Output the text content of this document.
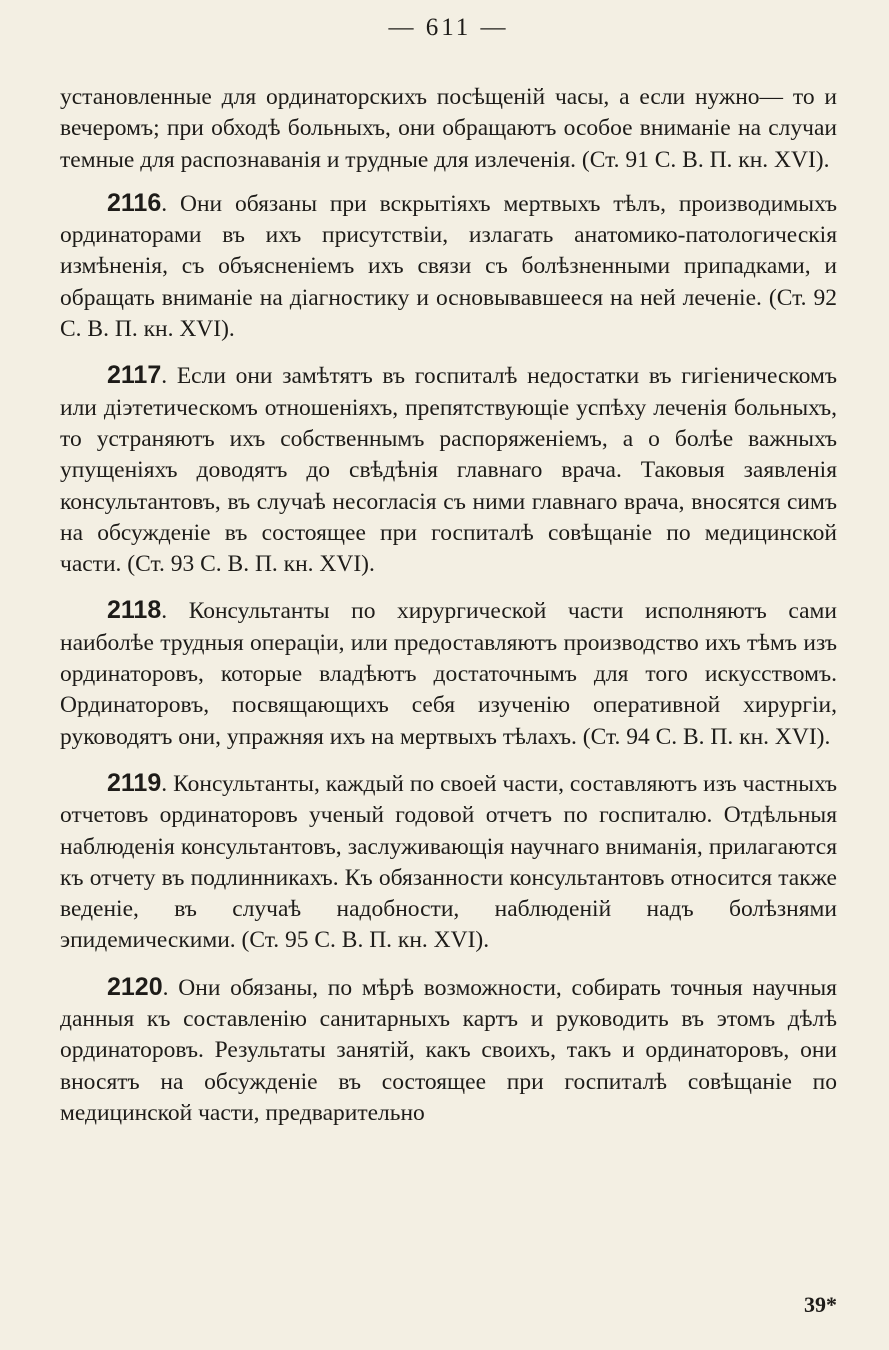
— 611 —

установленные для ординаторскихъ посѣщеній часы, а если нужно— то и вечеромъ; при обходѣ больныхъ, они обращаютъ особое вниманіе на случаи темные для распознаванія и трудные для излеченія. (Ст. 91 С. В. П. кн. XVI).

2116. Они обязаны при вскрытіяхъ мертвыхъ тѣлъ, производимыхъ ординаторами въ ихъ присутствіи, излагать анатомико-патологическія измѣненія, съ объясненіемъ ихъ связи съ болѣзненными припадками, и обращать вниманіе на діагностику и основывавшееся на ней леченіе. (Ст. 92 С. В. П. кн. XVI).

2117. Если они замѣтятъ въ госпиталѣ недостатки въ гигіеническомъ или діэтетическомъ отношеніяхъ, препятствующіе успѣху леченія больныхъ, то устраняютъ ихъ собственнымъ распоряженіемъ, а о болѣе важныхъ упущеніяхъ доводятъ до свѣдѣнія главнаго врача. Таковыя заявленія консультантовъ, въ случаѣ несогласія съ ними главнаго врача, вносятся симъ на обсужденіе въ состоящее при госпиталѣ совѣщаніе по медицинской части. (Ст. 93 С. В. П. кн. XVI).

2118. Консультанты по хирургической части исполняютъ сами наиболѣе трудныя операціи, или предоставляютъ производство ихъ тѣмъ изъ ординаторовъ, которые владѣютъ достаточнымъ для того искусствомъ. Ординаторовъ, посвящающихъ себя изученію оперативной хирургіи, руководятъ они, упражняя ихъ на мертвыхъ тѣлахъ. (Ст. 94 С. В. П. кн. XVI).

2119. Консультанты, каждый по своей части, составляютъ изъ частныхъ отчетовъ ординаторовъ ученый годовой отчетъ по госпиталю. Отдѣльныя наблюденія консультантовъ, заслуживающія научнаго вниманія, прилагаются къ отчету въ подлинникахъ. Къ обязанности консультантовъ относится также веденіе, въ случаѣ надобности, наблюденій надъ болѣзнями эпидемическими. (Ст. 95 С. В. П. кн. XVI).

2120. Они обязаны, по мѣрѣ возможности, собирать точныя научныя данныя къ составленію санитарныхъ картъ и руководить въ этомъ дѣлѣ ординаторовъ. Результаты занятій, какъ своихъ, такъ и ординаторовъ, они вносятъ на обсужденіе въ состоящее при госпиталѣ совѣщаніе по медицинской части, предварительно

39*
